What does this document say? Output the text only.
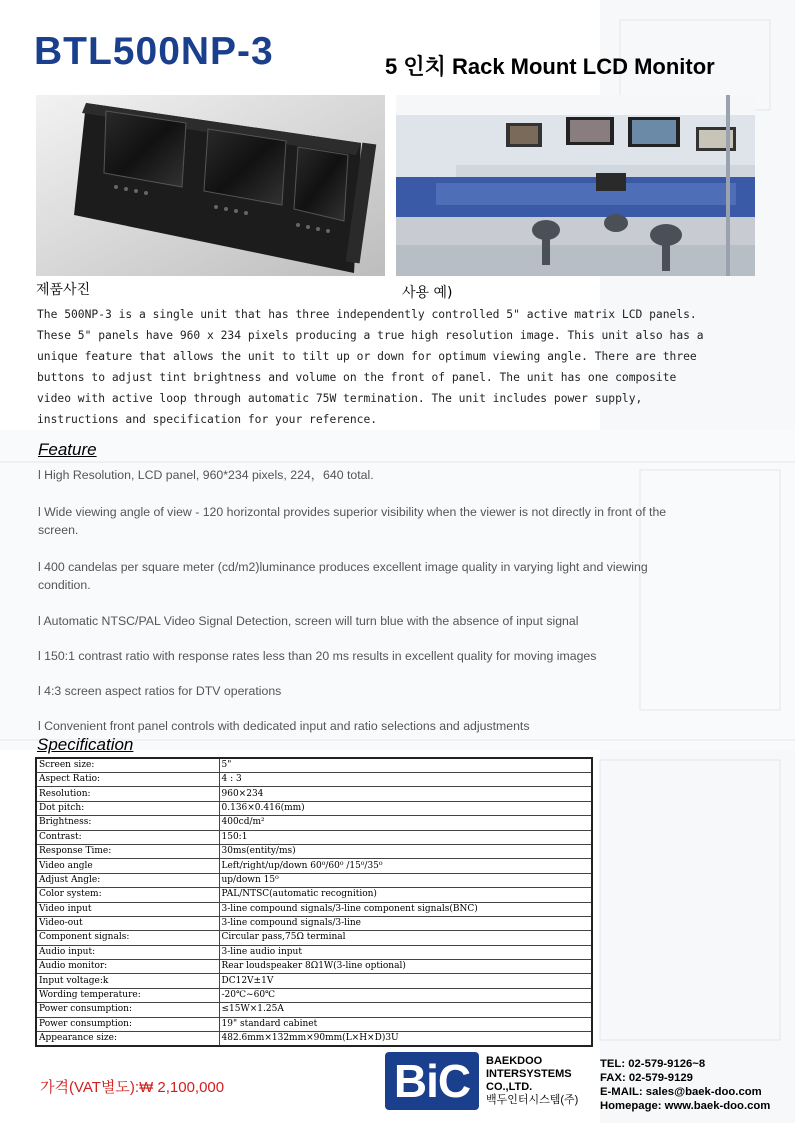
BTL500NP-3	5 인치 Rack Mount LCD Monitor
제품사진	사용 예)
The 500NP-3 is a single unit that has three independently controlled 5" active matrix LCD panels. These 5" panels have 960 x 234 pixels producing a true high resolution image. This unit also has a unique feature that allows the unit to tilt up or down for optimum viewing angle. There are three buttons to adjust tint brightness and volume on the front of panel. The unit has one composite video with active loop through automatic 75W termination. The unit includes power supply, instructions and specification for your reference.
Feature
l High Resolution, LCD panel, 960*234 pixels, 224，640 total.
l Wide viewing angle of view - 120 horizontal provides superior visibility when the viewer is not directly in front of the screen.
l 400 candelas per square meter (cd/m2)luminance produces excellent image quality in varying light and viewing condition.
l Automatic NTSC/PAL Video Signal Detection, screen will turn blue with the absence of input signal
l 150:1 contrast ratio with response rates less than 20 ms results in excellent quality for moving images
l 4:3 screen aspect ratios for DTV operations
l Convenient front panel controls with dedicated input and ratio selections and adjustments
Specification
Screen size:	5"
Aspect Ratio:	4 : 3
Resolution:	960×234
Dot pitch:	0.136×0.416(mm)
Brightness:	400cd/m²
Contrast:	150:1
Response Time:	30ms(entity/ms)
Video angle	Left/right/up/down 60⁰/60⁰ /15⁰/35⁰
Adjust Angle:	up/down 15⁰
Color system:	PAL/NTSC(automatic recognition)
Video input	3-line compound signals/3-line component signals(BNC)
Video-out	3-line compound signals/3-line
Component signals:	Circular pass,75Ω terminal
Audio input:	3-line audio input
Audio monitor:	Rear loudspeaker 8Ω1W(3-line optional)
Input voltage:k	DC12V±1V
Wording temperature:	-20℃~60℃
Power consumption:	≤15W×1.25A
Power consumption:	19" standard cabinet
Appearance size:	482.6mm×132mm×90mm(L×H×D)3U
가격(VAT별도):₩ 2,100,000	BiC	BAEKDOO
INTERSYSTEMS
CO.,LTD.
백두인터시스템(주)
TEL: 02-579-9126~8
FAX: 02-579-9129
E-MAIL: sales@baek-doo.com
Homepage: www.baek-doo.com
